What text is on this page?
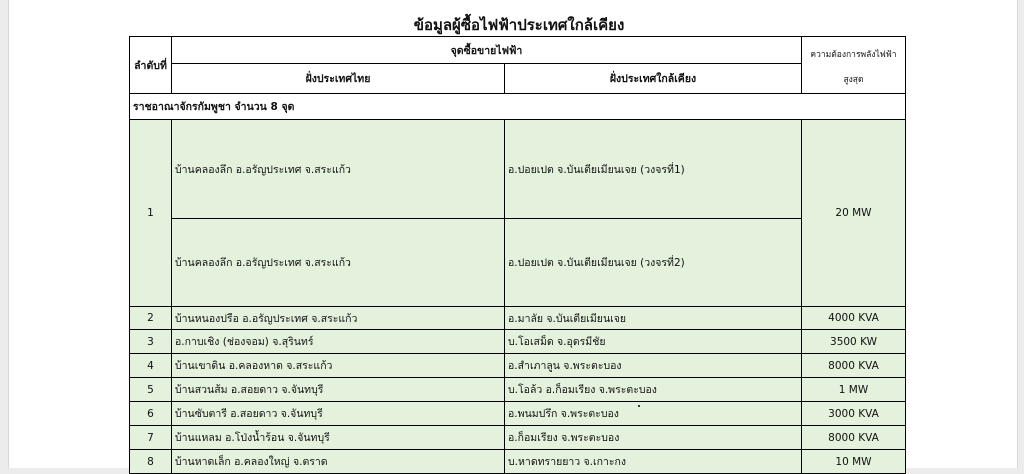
ข้อมูลผู้ซื้อไฟฟ้าประเทศใกล้เคียง
ลำดับที่	จุดซื้อขายไฟฟ้า		ความต้องการพลังไฟฟ้า
สูงสุด

	ฝั่งประเทศไทย	ฝั่งประเทศใกล้เคียง	
ราชอาณาจักรกัมพูชา จำนวน 8 จุด			
1	บ้านคลองลึก อ.อรัญประเทศ จ.สระแก้ว	อ.ปอยเปต จ.บันเตียเมียนเจย (วงจรที่1)	20 MW
	บ้านคลองลึก อ.อรัญประเทศ จ.สระแก้ว	อ.ปอยเปต จ.บันเตียเมียนเจย (วงจรที่2)	
2	บ้านหนองปรือ อ.อรัญประเทศ จ.สระแก้ว	อ.มาลัย จ.บันเตียเมียนเจย	4000 KVA
3	อ.กาบเชิง (ช่องจอม) จ.สุรินทร์	บ.โอเสม็ด จ.อุดรมีชัย	3500 KW
4	บ้านเขาดิน อ.คลองหาด จ.สระแก้ว	อ.สำเภาลูน จ.พระตะบอง	8000 KVA
5	บ้านสวนส้ม อ.สอยดาว จ.จันทบุรี	บ.โอล้ว อ.ก็อมเรียง จ.พระตะบอง	1 MW
6	บ้านซับตารี อ.สอยดาว จ.จันทบุรี	อ.พนมปรึก จ.พระตะบอง	3000 KVA
7	บ้านแหลม อ.โป่งน้ำร้อน จ.จันทบุรี	อ.ก็อมเรียง จ.พระตะบอง	8000 KVA
8	บ้านหาดเล็ก อ.คลองใหญ่ จ.ตราด	บ.หาดทรายยาว จ.เกาะกง	10 MW
